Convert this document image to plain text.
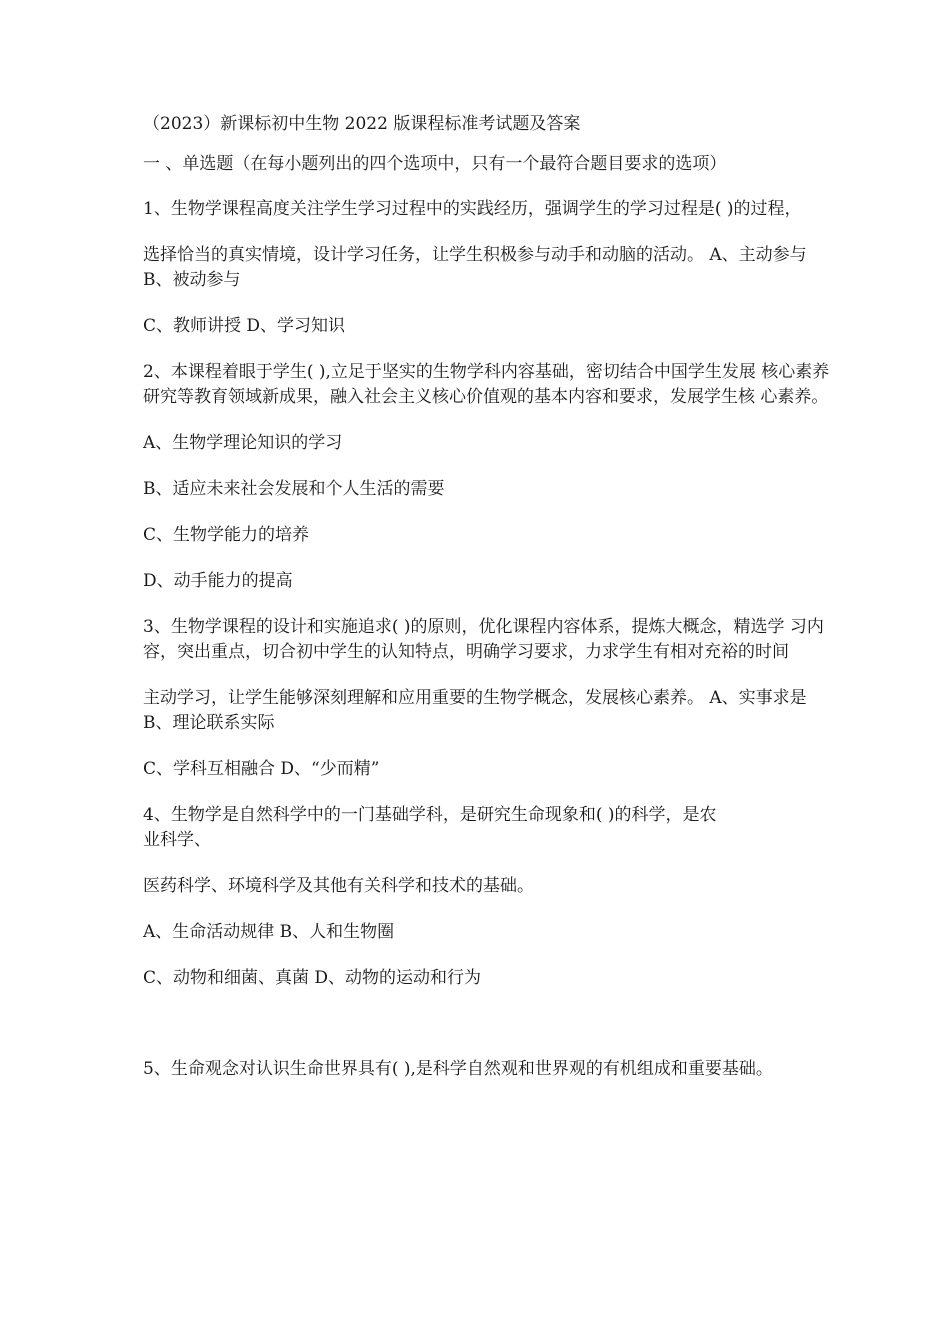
（2023）新课标初中生物 2022 版课程标准考试题及答案

一 、单选题（在每小题列出的四个选项中，只有一个最符合题目要求的选项）

1、生物学课程高度关注学生学习过程中的实践经历，强调学生的学习过程是( )的过程，

选择恰当的真实情境，设计学习任务，让学生积极参与动手和动脑的活动。 A、主动参与 B、被动参与

C、教师讲授 D、学习知识

2、本课程着眼于学生( ),立足于坚实的生物学科内容基础，密切结合中国学生发展 核心素养研究等教育领域新成果，融入社会主义核心价值观的基本内容和要求，发展学生核 心素养。

A、生物学理论知识的学习

B、适应未来社会发展和个人生活的需要

C、生物学能力的培养

D、动手能力的提高

3、生物学课程的设计和实施追求( )的原则，优化课程内容体系，提炼大概念，精选学 习内容，突出重点，切合初中学生的认知特点，明确学习要求，力求学生有相对充裕的时间

主动学习，让学生能够深刻理解和应用重要的生物学概念，发展核心素养。 A、实事求是 B、理论联系实际

C、学科互相融合 D、“少而精”

4、生物学是自然科学中的一门基础学科，是研究生命现象和( )的科学，是农
业科学、

医药科学、环境科学及其他有关科学和技术的基础。

A、生命活动规律 B、人和生物圈

C、动物和细菌、真菌 D、动物的运动和行为

5、生命观念对认识生命世界具有( ),是科学自然观和世界观的有机组成和重要基础。
